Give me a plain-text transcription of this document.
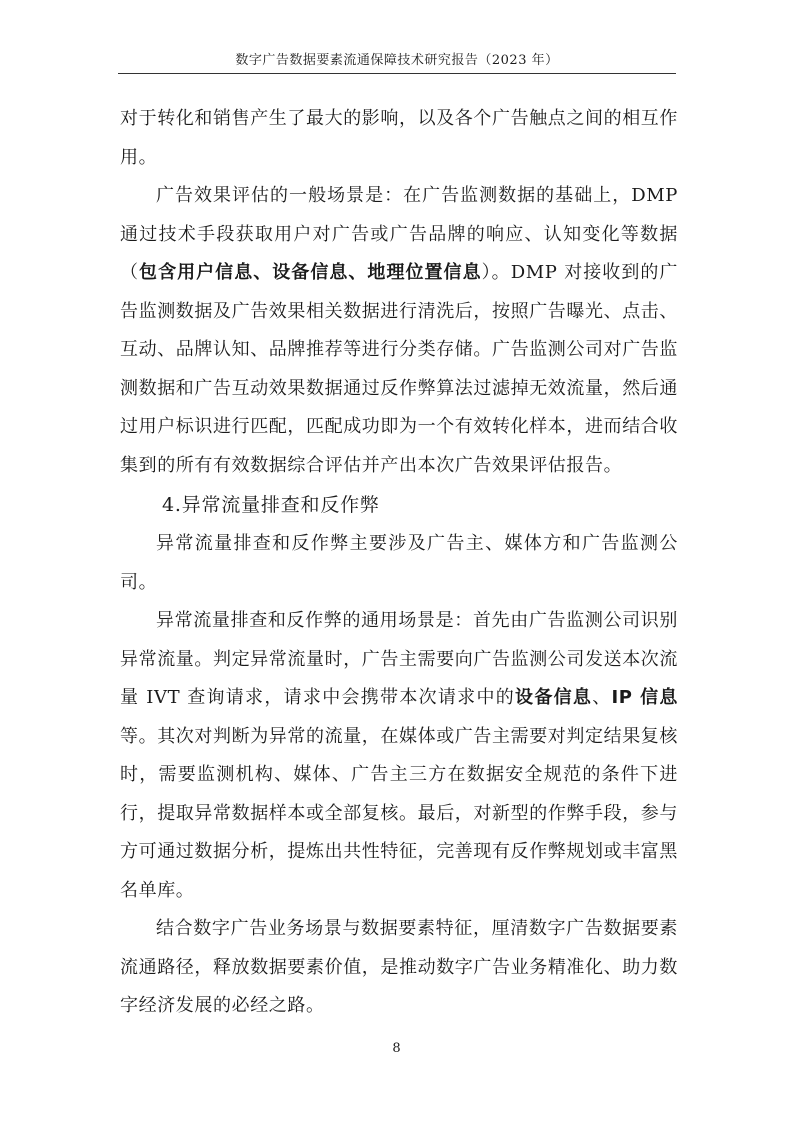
数字广告数据要素流通保障技术研究报告（2023 年）

对于转化和销售产生了最大的影响，以及各个广告触点之间的相互作用。

广告效果评估的一般场景是：在广告监测数据的基础上，DMP 通过技术手段获取用户对广告或广告品牌的响应、认知变化等数据（包含用户信息、设备信息、地理位置信息）。DMP 对接收到的广告监测数据及广告效果相关数据进行清洗后，按照广告曝光、点击、互动、品牌认知、品牌推荐等进行分类存储。广告监测公司对广告监测数据和广告互动效果数据通过反作弊算法过滤掉无效流量，然后通过用户标识进行匹配，匹配成功即为一个有效转化样本，进而结合收集到的所有有效数据综合评估并产出本次广告效果评估报告。

4.异常流量排查和反作弊

异常流量排查和反作弊主要涉及广告主、媒体方和广告监测公司。

异常流量排查和反作弊的通用场景是：首先由广告监测公司识别异常流量。判定异常流量时，广告主需要向广告监测公司发送本次流量 IVT 查询请求，请求中会携带本次请求中的设备信息、IP 信息等。其次对判断为异常的流量，在媒体或广告主需要对判定结果复核时，需要监测机构、媒体、广告主三方在数据安全规范的条件下进行，提取异常数据样本或全部复核。最后，对新型的作弊手段，参与方可通过数据分析，提炼出共性特征，完善现有反作弊规划或丰富黑名单库。

结合数字广告业务场景与数据要素特征，厘清数字广告数据要素流通路径，释放数据要素价值，是推动数字广告业务精准化、助力数字经济发展的必经之路。

8
